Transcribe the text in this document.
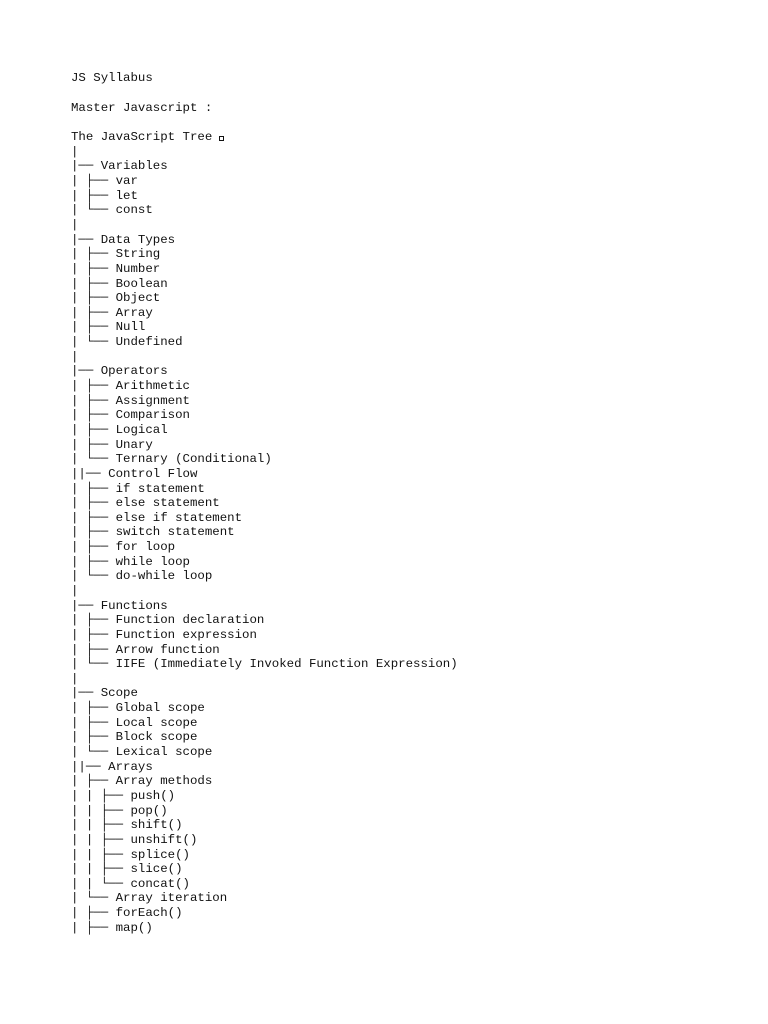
JS Syllabus

Master Javascript :

The JavaScript Tree

|

|── Variables

| ├── var

| ├── let

| └── const

|

|── Data Types

| ├── String

| ├── Number

| ├── Boolean

| ├── Object

| ├── Array

| ├── Null

| └── Undefined

|

|── Operators

| ├── Arithmetic

| ├── Assignment

| ├── Comparison

| ├── Logical

| ├── Unary

| └── Ternary (Conditional)

||── Control Flow

| ├── if statement

| ├── else statement

| ├── else if statement

| ├── switch statement

| ├── for loop

| ├── while loop

| └── do-while loop

|

|── Functions

| ├── Function declaration

| ├── Function expression

| ├── Arrow function

| └── IIFE (Immediately Invoked Function Expression)

|

|── Scope

| ├── Global scope

| ├── Local scope

| ├── Block scope

| └── Lexical scope

||── Arrays

| ├── Array methods

| | ├── push()

| | ├── pop()

| | ├── shift()

| | ├── unshift()

| | ├── splice()

| | ├── slice()

| | └── concat()

| └── Array iteration

| ├── forEach()

| ├── map()
